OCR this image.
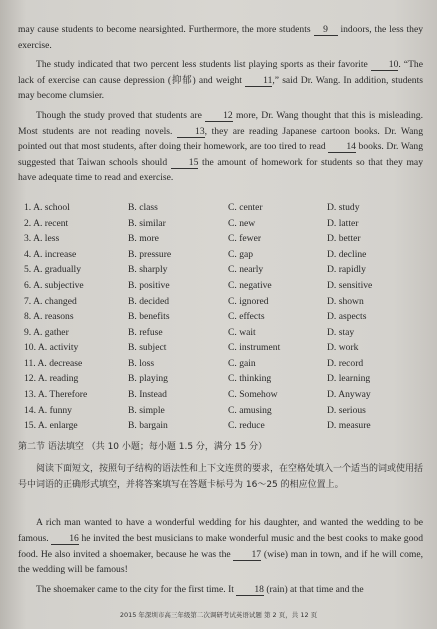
may cause students to become nearsighted. Furthermore, the more students 9 indoors, the less they exercise.

The study indicated that two percent less students list playing sports as their favorite 10. “The lack of exercise can cause depression (抑郁) and weight 11,” said Dr. Wang. In addition, students may become clumsier.

Though the study proved that students are 12 more, Dr. Wang thought that this is misleading. Most students are not reading novels. 13, they are reading Japanese cartoon books. Dr. Wang pointed out that most students, after doing their homework, are too tired to read 14 books. Dr. Wang suggested that Taiwan schools should 15 the amount of homework for students so that they may have adequate time to read and exercise.

1. A. school	B. class	C. center	D. study
2. A. recent	B. similar	C. new	D. latter
3. A. less	B. more	C. fewer	D. better
4. A. increase	B. pressure	C. gap	D. decline
5. A. gradually	B. sharply	C. nearly	D. rapidly
6. A. subjective	B. positive	C. negative	D. sensitive
7. A. changed	B. decided	C. ignored	D. shown
8. A. reasons	B. benefits	C. effects	D. aspects
9. A. gather	B. refuse	C. wait	D. stay
10. A. activity	B. subject	C. instrument	D. work
11. A. decrease	B. loss	C. gain	D. record
12. A. reading	B. playing	C. thinking	D. learning
13. A. Therefore	B. Instead	C. Somehow	D. Anyway
14. A. funny	B. simple	C. amusing	D. serious
15. A. enlarge	B. bargain	C. reduce	D. measure
第二节 语法填空 （共 10 小题；每小题 1.5 分，满分 15 分）
阅读下面短文，按照句子结构的语法性和上下文连贯的要求，在空格处填入一个适当的词或使用括号中词语的正确形式填空，并将答案填写在答题卡标号为 16～25 的相应位置上。

A rich man wanted to have a wonderful wedding for his daughter, and wanted the wedding to be famous. 16 he invited the best musicians to make wonderful music and the best cooks to make good food. He also invited a shoemaker, because he was the 17 (wise) man in town, and if he will come, the wedding will be famous!

The shoemaker came to the city for the first time. It 18 (rain) at that time and the

2015 年深圳市高三年级第二次调研考试英语试题 第 2 页，共 12 页
